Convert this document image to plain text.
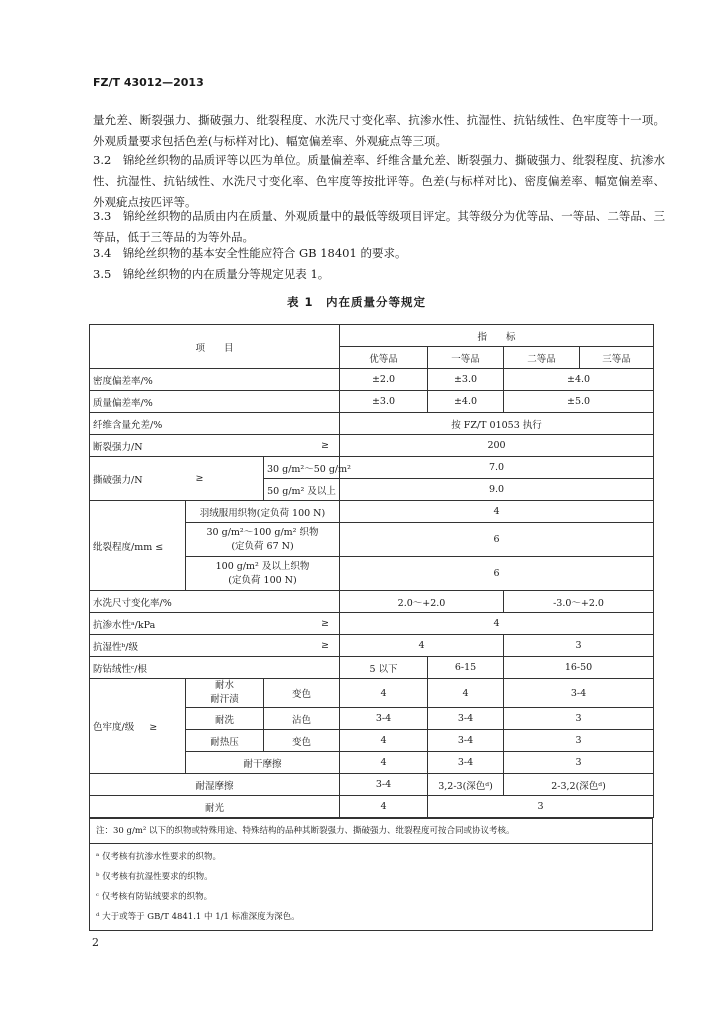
FZ/T 43012—2013

量允差、断裂强力、撕破强力、纰裂程度、水洗尺寸变化率、抗渗水性、抗湿性、抗钻绒性、色牢度等十一项。外观质量要求包括色差(与标样对比)、幅宽偏差率、外观疵点等三项。

3.2　锦纶丝织物的品质评等以匹为单位。质量偏差率、纤维含量允差、断裂强力、撕破强力、纰裂程度、抗渗水性、抗湿性、抗钻绒性、水洗尺寸变化率、色牢度等按批评等。色差(与标样对比)、密度偏差率、幅宽偏差率、外观疵点按匹评等。

3.3　锦纶丝织物的品质由内在质量、外观质量中的最低等级项目评定。其等级分为优等品、一等品、二等品、三等品，低于三等品的为等外品。

3.4　锦纶丝织物的基本安全性能应符合 GB 18401 的要求。

3.5　锦纶丝织物的内在质量分等规定见表 1。

表 1　内在质量分等规定
项　　目			指　　标			
			优等品	一等品	二等品	三等品
密度偏差率/%			±2.0	±3.0	±4.0	
质量偏差率/%			±3.0	±4.0	±5.0	
纤维含量允差/%			按 FZ/T 01053 执行			
断裂强力/N		≥	200			
撕破强力/N	≥	30 g/m²～50 g/m²	7.0			
		50 g/m² 及以上	9.0			
纰裂程度/mm ≤	羽绒服用织物(定负荷 100 N)		4			

	30 g/m²～100 g/m² 织物
(定负荷 67 N)		6			

	100 g/m² 及以上织物
(定负荷 100 N)		6			
水洗尺寸变化率/%			2.0～+2.0		-3.0～+2.0	
抗渗水性ᵃ/kPa		≥	4			
抗湿性ᵇ/级		≥	4		3	
防钻绒性ᶜ/根			5 以下	6-15	16-50	
色牢度/级 ≥	耐水
耐汗渍	变色	4	4	3-4	
	耐洗	沾色	3-4	3-4	3	
	耐热压	变色	4	3-4	3	
	耐干摩擦		4	3-4	3	
耐湿摩擦			3-4	3,2-3(深色ᵈ)	2-3,2(深色ᵈ)	
耐光			4	3		
注：30 g/m² 以下的织物或特殊用途、特殊结构的品种其断裂强力、撕破强力、纰裂程度可按合同或协议考核。

ᵃ 仅考核有抗渗水性要求的织物。
ᵇ 仅考核有抗湿性要求的织物。
ᶜ 仅考核有防钻绒要求的织物。
ᵈ 大于或等于 GB/T 4841.1 中 1/1 标准深度为深色。
2
